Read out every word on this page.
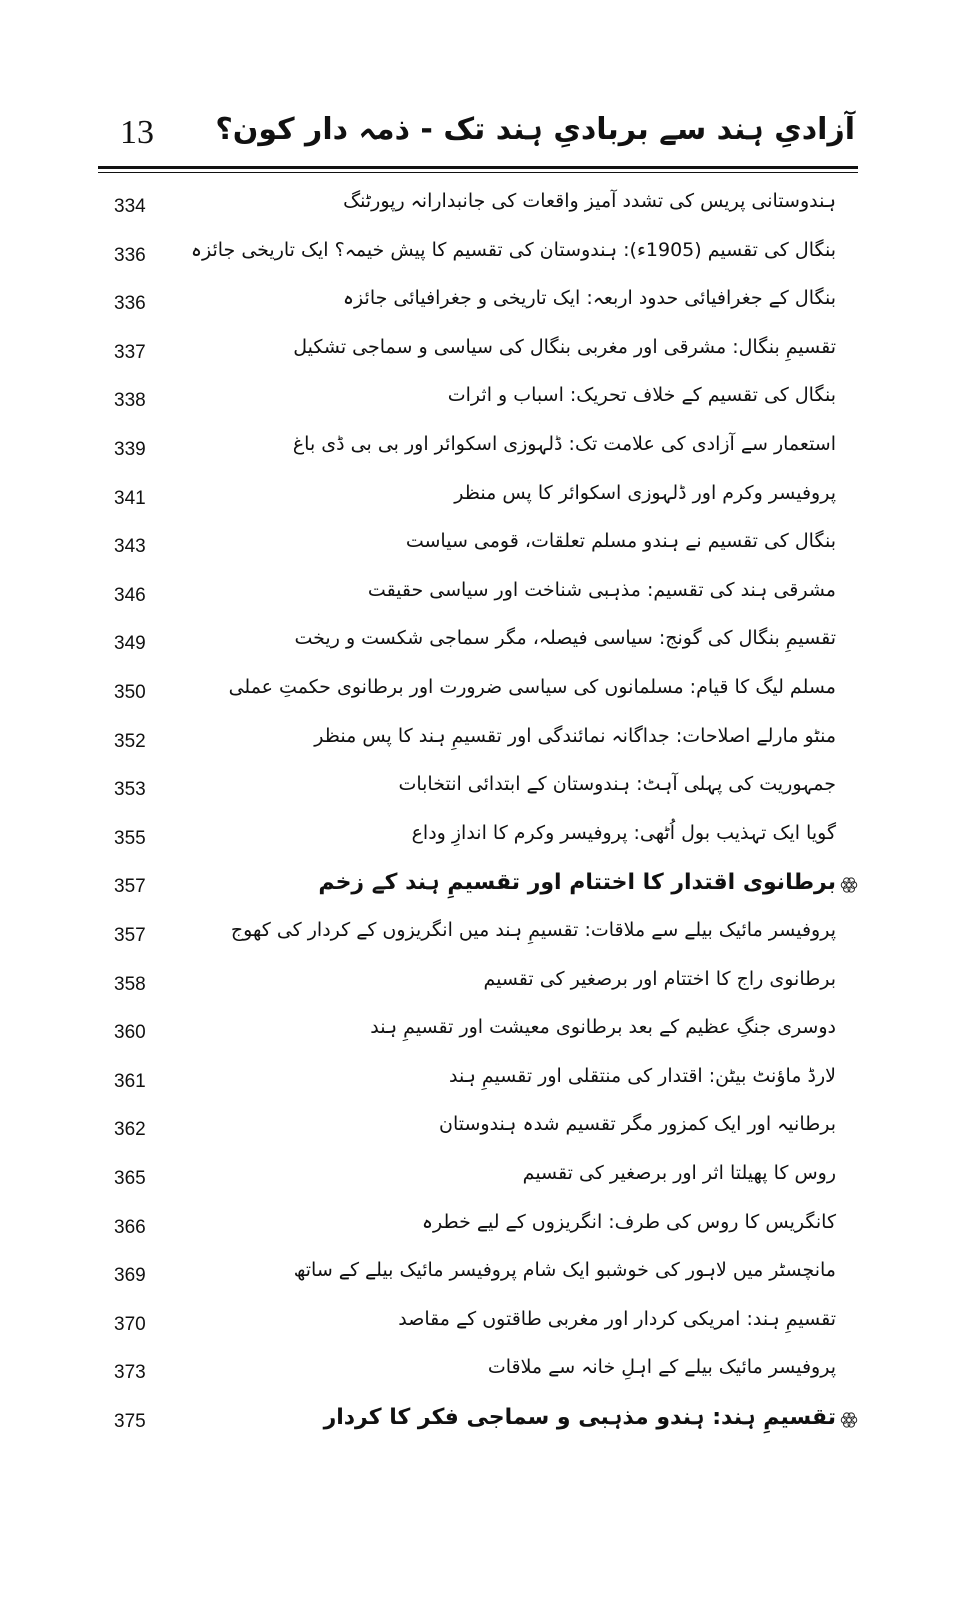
13 آزادیِ ہند سے بربادیِ ہند تک - ذمہ دار کون؟
334	ہندوستانی پریس کی تشدد آمیز واقعات کی جانبدارانہ رپورٹنگ
336 بنگال کی تقسیم (1905ء): ہندوستان کی تقسیم کا پیش خیمہ؟ ایک تاریخی جائزہ
336	بنگال کے جغرافیائی حدود اربعہ: ایک تاریخی و جغرافیائی جائزہ
337	تقسیمِ بنگال: مشرقی اور مغربی بنگال کی سیاسی و سماجی تشکیل
338	بنگال کی تقسیم کے خلاف تحریک: اسباب و اثرات
339	استعمار سے آزادی کی علامت تک: ڈلہوزی اسکوائر اور بی بی ڈی باغ
341	پروفیسر وکرم اور ڈلہوزی اسکوائر کا پس منظر
343	بنگال کی تقسیم نے ہندو مسلم تعلقات، قومی سیاست
346	مشرقی ہند کی تقسیم: مذہبی شناخت اور سیاسی حقیقت
349	تقسیمِ بنگال کی گونج: سیاسی فیصلہ، مگر سماجی شکست و ریخت
350	مسلم لیگ کا قیام: مسلمانوں کی سیاسی ضرورت اور برطانوی حکمتِ عملی
352	منٹو مارلے اصلاحات: جداگانہ نمائندگی اور تقسیمِ ہند کا پس منظر
353	جمہوریت کی پہلی آہٹ: ہندوستان کے ابتدائی انتخابات
355	گویا ایک تہذیب بول اُٹھی: پروفیسر وکرم کا اندازِ وداع
357	برطانوی اقتدار کا اختتام اور تقسیمِ ہند کے زخم
357	پروفیسر مائیک بیلے سے ملاقات: تقسیمِ ہند میں انگریزوں کے کردار کی کھوج
358	برطانوی راج کا اختتام اور برصغیر کی تقسیم
360	دوسری جنگِ عظیم کے بعد برطانوی معیشت اور تقسیمِ ہند
361	لارڈ ماؤنٹ بیٹن: اقتدار کی منتقلی اور تقسیمِ ہند
362	برطانیہ اور ایک کمزور مگر تقسیم شدہ ہندوستان
365	روس کا پھیلتا اثر اور برصغیر کی تقسیم
366	کانگریس کا روس کی طرف: انگریزوں کے لیے خطرہ
369	مانچسٹر میں لاہور کی خوشبو ایک شام پروفیسر مائیک بیلے کے ساتھ
370	تقسیمِ ہند: امریکی کردار اور مغربی طاقتوں کے مقاصد
373	پروفیسر مائیک بیلے کے اہلِ خانہ سے ملاقات
375	تقسیمِ ہند: ہندو مذہبی و سماجی فکر کا کردار
